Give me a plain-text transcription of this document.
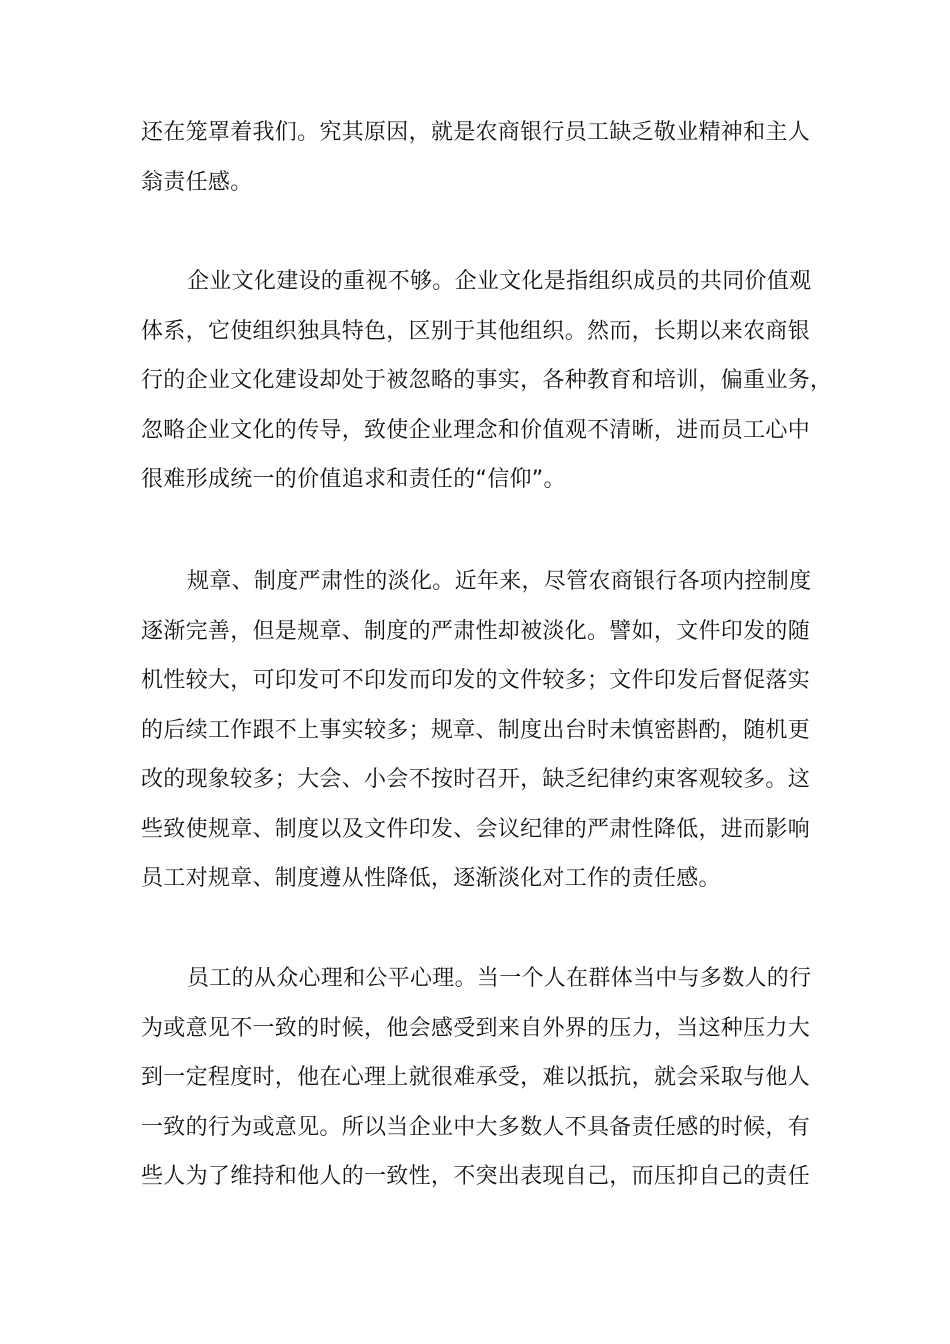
还在笼罩着我们。究其原因，就是农商银行员工缺乏敬业精神和主人
翁责任感。
企业文化建设的重视不够。企业文化是指组织成员的共同价值观
体系，它使组织独具特色，区别于其他组织。然而，长期以来农商银
行的企业文化建设却处于被忽略的事实，各种教育和培训，偏重业务，
忽略企业文化的传导，致使企业理念和价值观不清晰，进而员工心中
很难形成统一的价值追求和责任的“信仰”。
规章、制度严肃性的淡化。近年来，尽管农商银行各项内控制度
逐渐完善，但是规章、制度的严肃性却被淡化。譬如，文件印发的随
机性较大，可印发可不印发而印发的文件较多；文件印发后督促落实
的后续工作跟不上事实较多；规章、制度出台时未慎密斟酌，随机更
改的现象较多；大会、小会不按时召开，缺乏纪律约束客观较多。这
些致使规章、制度以及文件印发、会议纪律的严肃性降低，进而影响
员工对规章、制度遵从性降低，逐渐淡化对工作的责任感。
员工的从众心理和公平心理。当一个人在群体当中与多数人的行
为或意见不一致的时候，他会感受到来自外界的压力，当这种压力大
到一定程度时，他在心理上就很难承受，难以抵抗，就会采取与他人
一致的行为或意见。所以当企业中大多数人不具备责任感的时候，有
些人为了维持和他人的一致性，不突出表现自己，而压抑自己的责任
